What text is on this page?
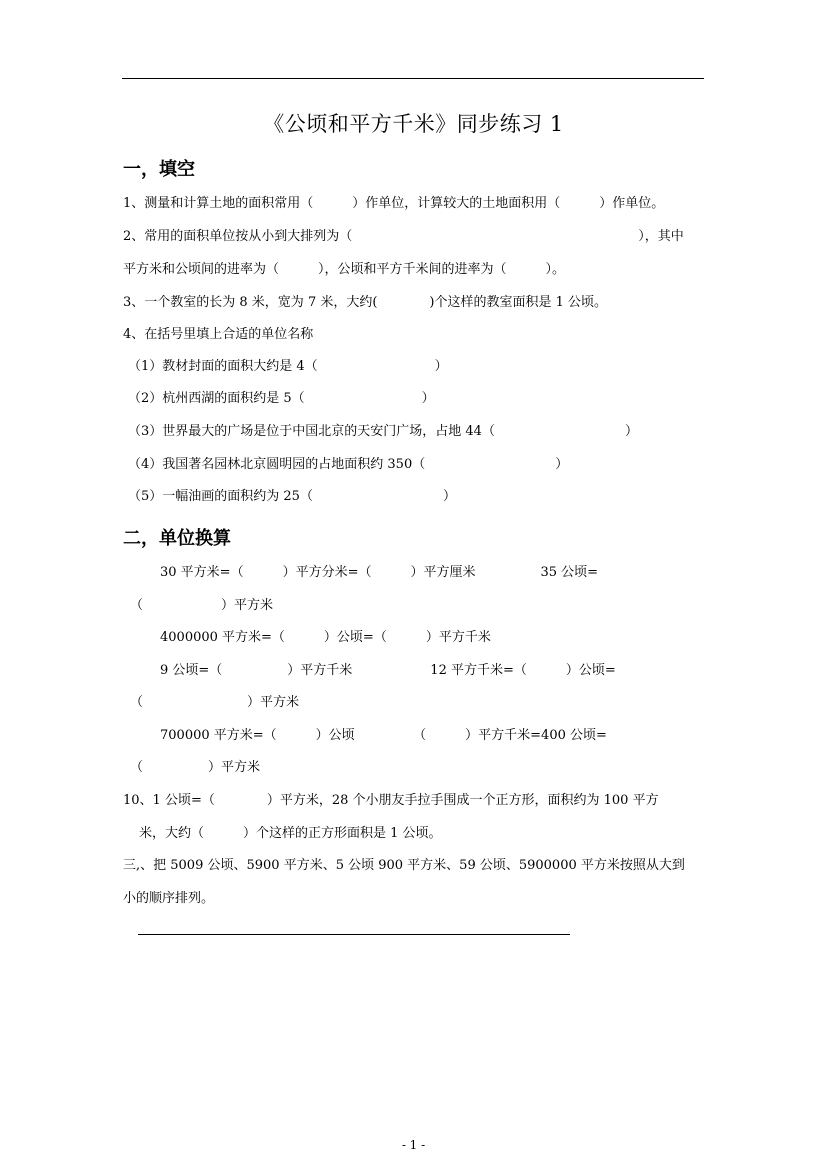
《公顷和平方千米》同步练习 1
一，填空
1、测量和计算土地的面积常用（　　　）作单位，计算较大的土地面积用（　　　）作单位。
2、常用的面积单位按从小到大排列为（　　　　　　　　　　　　　　　　　　　　　　），其中
平方米和公顷间的进率为（　　　），公顷和平方千米间的进率为（　　　）。
3、一个教室的长为 8 米，宽为 7 米，大约(　　　　)个这样的教室面积是 1 公顷。
4、在括号里填上合适的单位名称
（1）教材封面的面积大约是 4（　　　　　　　　　）
（2）杭州西湖的面积约是 5（　　　　　　　　　）
（3）世界最大的广场是位于中国北京的天安门广场，占地 44（　　　　　　　　　　）
（4）我国著名园林北京圆明园的占地面积约 350（　　　　　　　　　　）
（5）一幅油画的面积约为 25（　　　　　　　　　　）
二，单位换算
30 平方米=（　　　）平方分米=（　　　）平方厘米　　　　　35 公顷=
（　　　　　　）平方米
4000000 平方米=（　　　）公顷=（　　　）平方千米
9 公顷=（　　　　　）平方千米　　　　　　12 平方千米=（　　　）公顷=
（　　　　　　　　）平方米
700000 平方米=（　　　）公顷　　　　　（　　　）平方千米=400 公顷=
（　　　　　）平方米
10、1 公顷=（　　　　）平方米，28 个小朋友手拉手围成一个正方形，面积约为 100 平方
米，大约（　　　）个这样的正方形面积是 1 公顷。
三,、把 5009 公顷、5900 平方米、5 公顷 900 平方米、59 公顷、5900000 平方米按照从大到
小的顺序排列。
- 1 -
